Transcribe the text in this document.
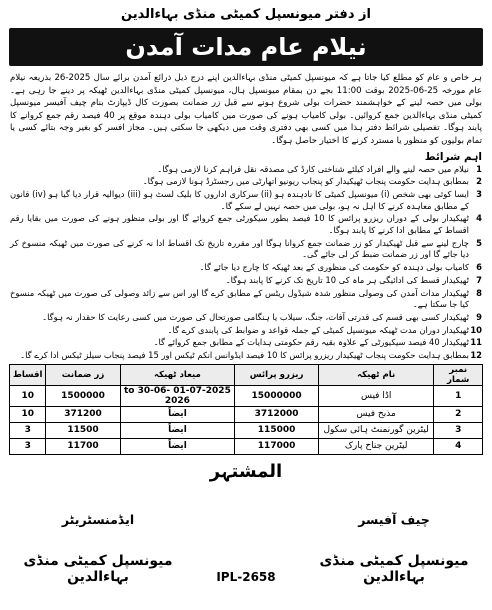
از دفتر میونسپل کمیٹی منڈی بہاءالدین
نیلام عام مدات آمدن
ہر خاص و عام کو مطلع کیا جاتا ہے کہ میونسپل کمیٹی منڈی بہاءالدین اپنے درج ذیل ذرائع آمدن برائے سال 2025-26 بذریعہ نیلام عام مورخہ 25-06-2025 بوقت 11:00 بجے دن بمقام میونسپل ہال، میونسپل کمیٹی منڈی بہاءالدین ٹھیکہ پر دینے جا رہی ہے۔ بولی میں حصہ لینے کے خواہشمند حضرات بولی شروع ہونے سے قبل زر ضمانت بصورت کال ڈیپازٹ بنام چیف آفیسر میونسپل کمیٹی منڈی بہاءالدین جمع کروائیں۔ بولی کامیاب ہونے کی صورت میں کامیاب بولی دہندہ موقع پر 40 فیصد رقم جمع کروانے کا پابند ہوگا۔ تفصیلی شرائط دفتر ہذا میں کسی بھی دفتری وقت میں دیکھی جا سکتی ہیں۔ مجاز افسر کو بغیر وجہ بتائے کسی یا تمام بولیوں کو منظور یا مسترد کرنے کا اختیار حاصل ہوگا۔
اہم شرائط
1
نیلام میں حصہ لینے والے افراد کیلئے شناختی کارڈ کی مصدقہ نقل فراہم کرنا لازمی ہوگا۔
2
بمطابق ہدایت حکومت پنجاب ٹھیکیدار کو پنجاب ریونیو اتھارٹی میں رجسٹرڈ ہونا لازمی ہوگا۔
3
ایسا کوئی بھی شخص (i) میونسپل کمیٹی کا نادہندہ ہو (ii) سرکاری اداروں کا بلیک لسٹ ہو (iii) دیوالیہ قرار دیا گیا ہو (iv) قانون کے مطابق معاہدہ کرنے کا اہل نہ ہو، بولی میں حصہ نہیں لے سکے گا۔
4
ٹھیکیدار بولی کے دوران ریزرو پرائس کا 10 فیصد بطور سیکورٹی جمع کروائے گا اور بولی منظور ہونے کی صورت میں بقایا رقم اقساط کے مطابق ادا کرنے کا پابند ہوگا۔
5
چارج لینے سے قبل ٹھیکیدار کو زر ضمانت جمع کروانا ہوگا اور مقررہ تاریخ تک اقساط ادا نہ کرنے کی صورت میں ٹھیکہ منسوخ کر دیا جائے گا اور زر ضمانت ضبط کر لی جائے گی۔
6
کامیاب بولی دہندہ کو حکومت کی منظوری کے بعد ٹھیکہ کا چارج دیا جائے گا۔
7
ٹھیکیدار قسط کی ادائیگی ہر ماہ کی 10 تاریخ تک کرنے کا پابند ہوگا۔
8
ٹھیکیدار مدات آمدن کی وصولی منظور شدہ شیڈول ریٹس کے مطابق کرے گا اور اس سے زائد وصولی کی صورت میں ٹھیکہ منسوخ کیا جا سکتا ہے۔
9
ٹھیکیدار کسی بھی قسم کی قدرتی آفات، جنگ، سیلاب یا ہنگامی صورتحال کی صورت میں کسی رعایت کا حقدار نہ ہوگا۔
10
ٹھیکیدار دوران مدت ٹھیکہ میونسپل کمیٹی کے جملہ قواعد و ضوابط کی پابندی کرے گا۔
11
ٹھیکیدار 40 فیصد سیکیورٹی کے علاوہ بقیہ رقم حکومتی ہدایات کے مطابق جمع کروائے گا۔
12
بمطابق ہدایت حکومت پنجاب ٹھیکیدار ریزرو پرائس کا 10 فیصد ایڈوانس انکم ٹیکس اور 15 فیصد پنجاب سیلز ٹیکس ادا کرے گا۔
نمبر شمار	نام ٹھیکہ	ریزرو پرائس	میعاد ٹھیکہ	زر ضمانت	اقساط
1	اڈا فیس	15000000	01-07-2025 to 30-06-2026	1500000	10
2	مذبح فیس	3712000	ایضاً	371200	10
3	لیٹرین گورنمنٹ ہائی سکول	115000	ایضاً	11500	3
4	لیٹرین جناح پارک	117000	ایضاً	11700	3
المشتہر
چیف آفیسر
میونسپل کمیٹی منڈی بہاءالدین
ایڈمنسٹریٹر
میونسپل کمیٹی منڈی بہاءالدین	IPL-2658
